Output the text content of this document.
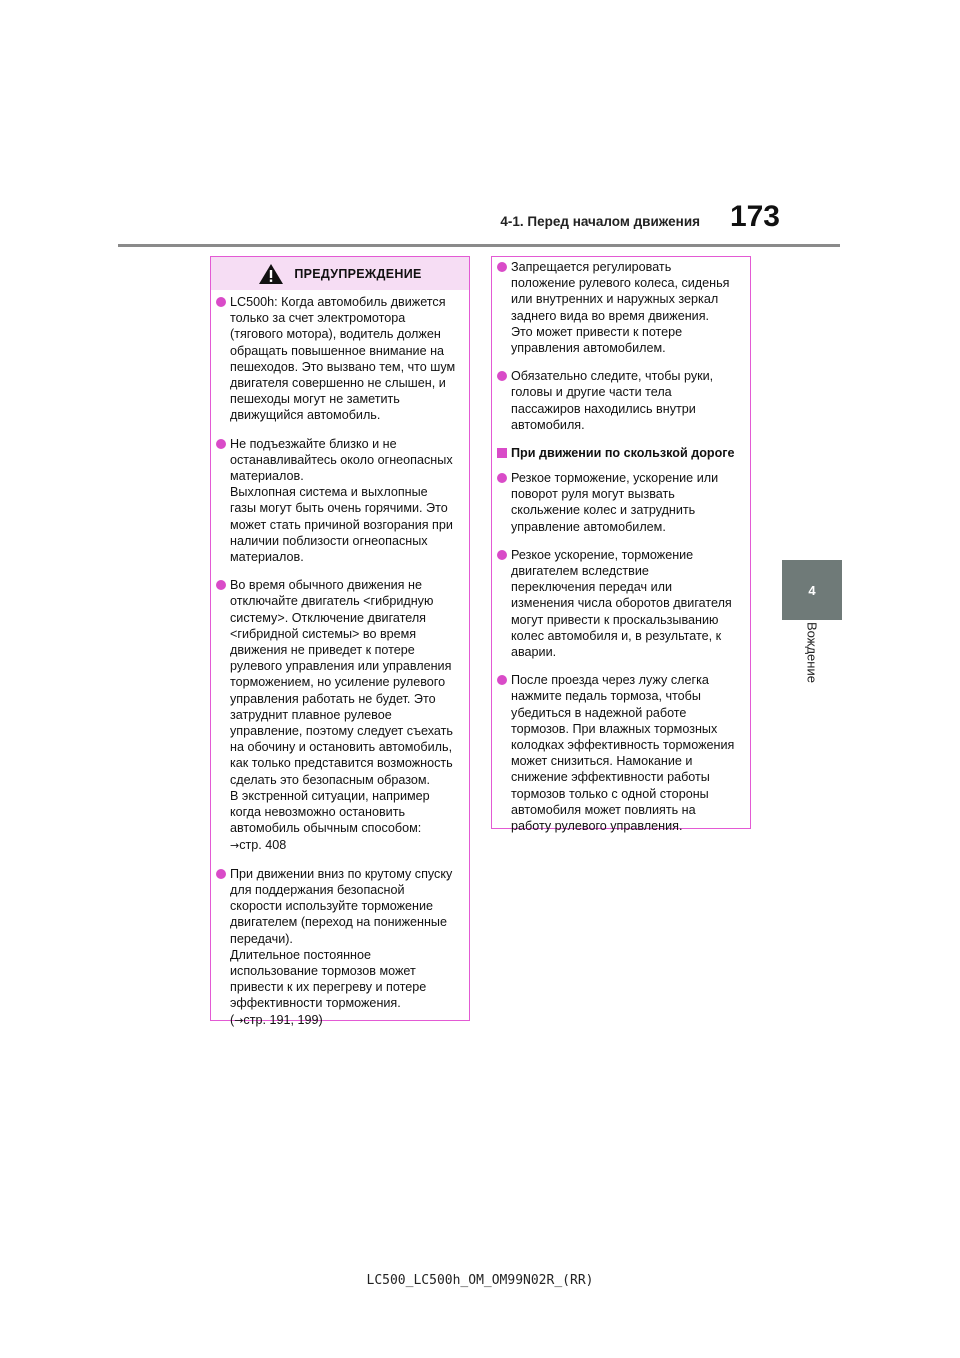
4-1. Перед началом движения 173
4
Вождение
ПРЕДУПРЕЖДЕНИЕ

LC500h: Когда автомобиль движется

только за счет электромотора

(тягового мотора), водитель должен

обращать повышенное внимание на

пешеходов. Это вызвано тем, что шум

двигателя совершенно не слышен, и

пешеходы могут не заметить

движущийся автомобиль.

Не подъезжайте близко и не

останавливайтесь около огнеопасных

материалов.

Выхлопная система и выхлопные

газы могут быть очень горячими. Это

может стать причиной возгорания при

наличии поблизости огнеопасных

материалов.

Во время обычного движения не

отключайте двигатель <гибридную

систему>. Отключение двигателя

<гибридной системы> во время

движения не приведет к потере

рулевого управления или управления

торможением, но усиление рулевого

управления работать не будет. Это

затруднит плавное рулевое

управление, поэтому следует съехать

на обочину и остановить автомобиль,

как только представится возможность

сделать это безопасным образом.

В экстренной ситуации, например

когда невозможно остановить

автомобиль обычным способом:

→стр. 408

При движении вниз по крутому спуску

для поддержания безопасной

скорости используйте торможение

двигателем (переход на пониженные

передачи).

Длительное постоянное

использование тормозов может

привести к их перегреву и потере

эффективности торможения.

(→стр. 191, 199)

Запрещается регулировать

положение рулевого колеса, сиденья

или внутренних и наружных зеркал

заднего вида во время движения.

Это может привести к потере

управления автомобилем.

Обязательно следите, чтобы руки,

головы и другие части тела

пассажиров находились внутри

автомобиля.

При движении по скользкой дороге

Резкое торможение, ускорение или

поворот руля могут вызвать

скольжение колес и затруднить

управление автомобилем.

Резкое ускорение, торможение

двигателем вследствие

переключения передач или

изменения числа оборотов двигателя

могут привести к проскальзыванию

колес автомобиля и, в результате, к

аварии.

После проезда через лужу слегка

нажмите педаль тормоза, чтобы

убедиться в надежной работе

тормозов. При влажных тормозных

колодках эффективность торможения

может снизиться. Намокание и

снижение эффективности работы

тормозов только с одной стороны

автомобиля может повлиять на

работу рулевого управления.

LC500_LC500h_OM_OM99N02R_(RR)
